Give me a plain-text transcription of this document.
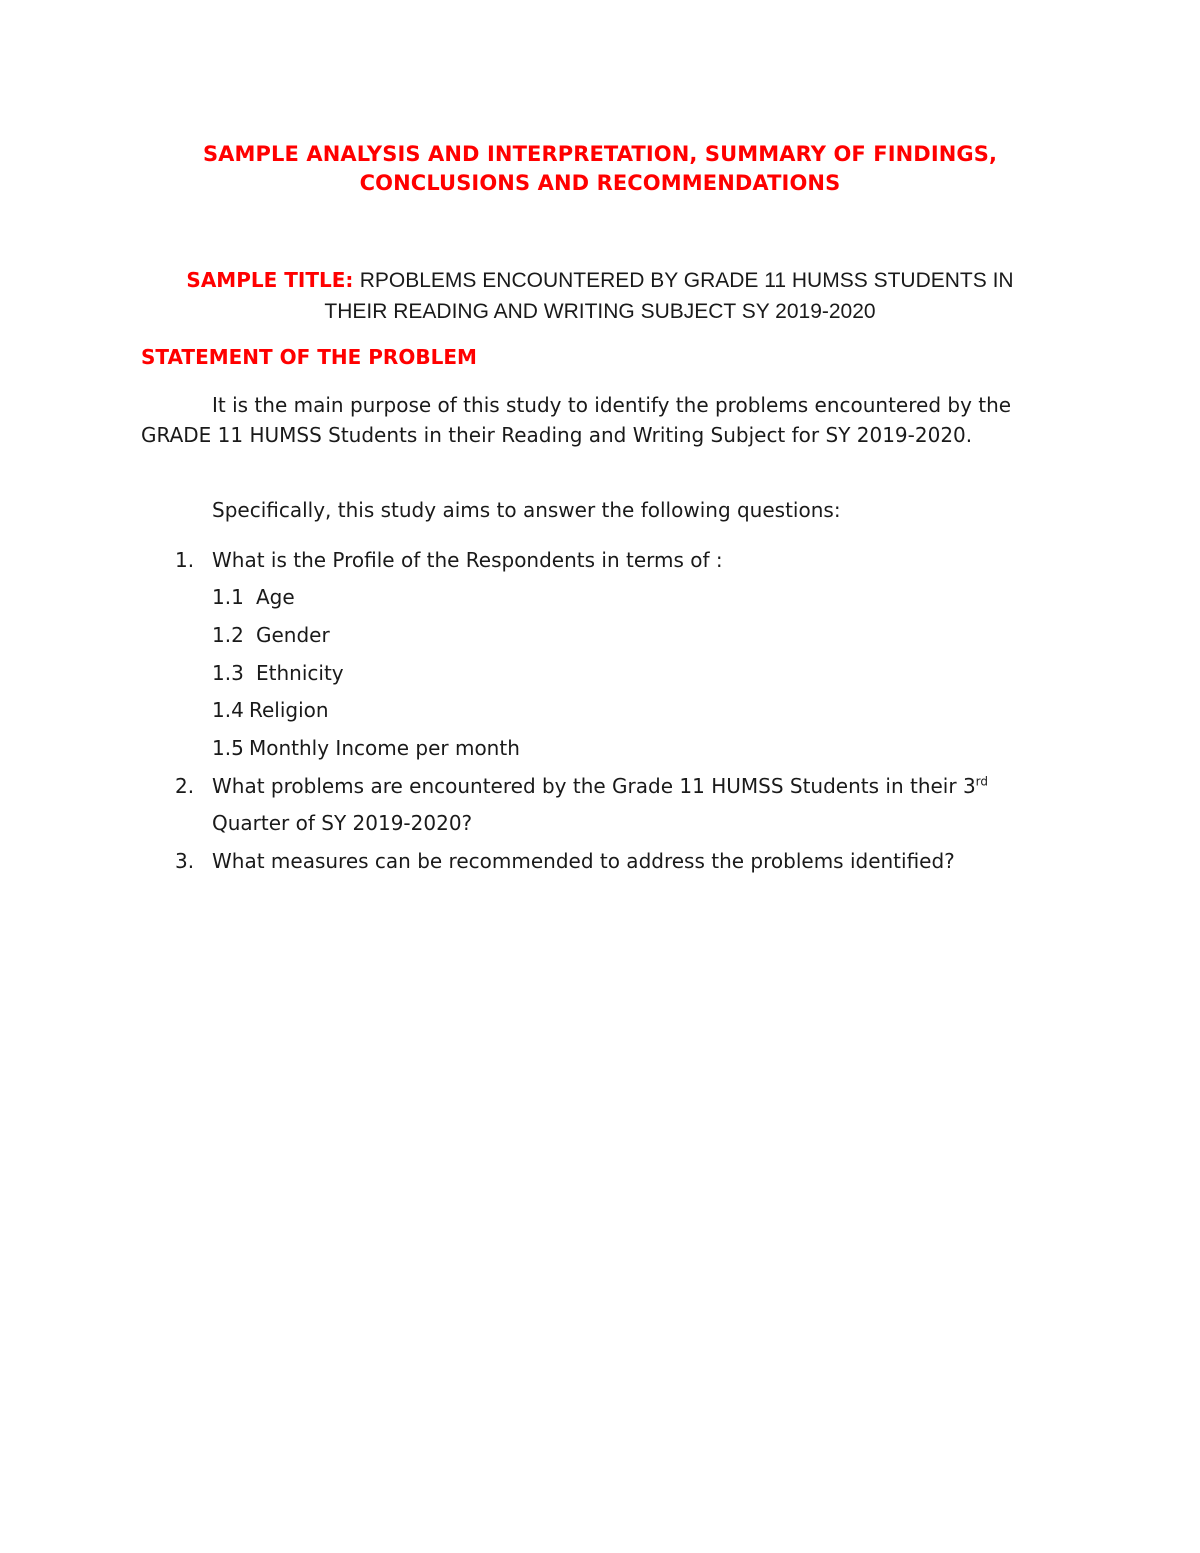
SAMPLE ANALYSIS AND INTERPRETATION, SUMMARY OF FINDINGS,
CONCLUSIONS AND RECOMMENDATIONS
SAMPLE TITLE: RPOBLEMS ENCOUNTERED BY GRADE 11 HUMSS STUDENTS IN
THEIR READING AND WRITING SUBJECT SY 2019-2020
STATEMENT OF THE PROBLEM
It is the main purpose of this study to identify the problems encountered by the GRADE 11 HUMSS Students in their Reading and Writing Subject for SY 2019-2020.
Specifically, this study aims to answer the following questions:
1. What is the Profile of the Respondents in terms of :
1.1 Age
1.2 Gender
1.3 Ethnicity
1.4 Religion
1.5 Monthly Income per month
2. What problems are encountered by the Grade 11 HUMSS Students in their 3rd
Quarter of SY 2019-2020?
3. What measures can be recommended to address the problems identified?
